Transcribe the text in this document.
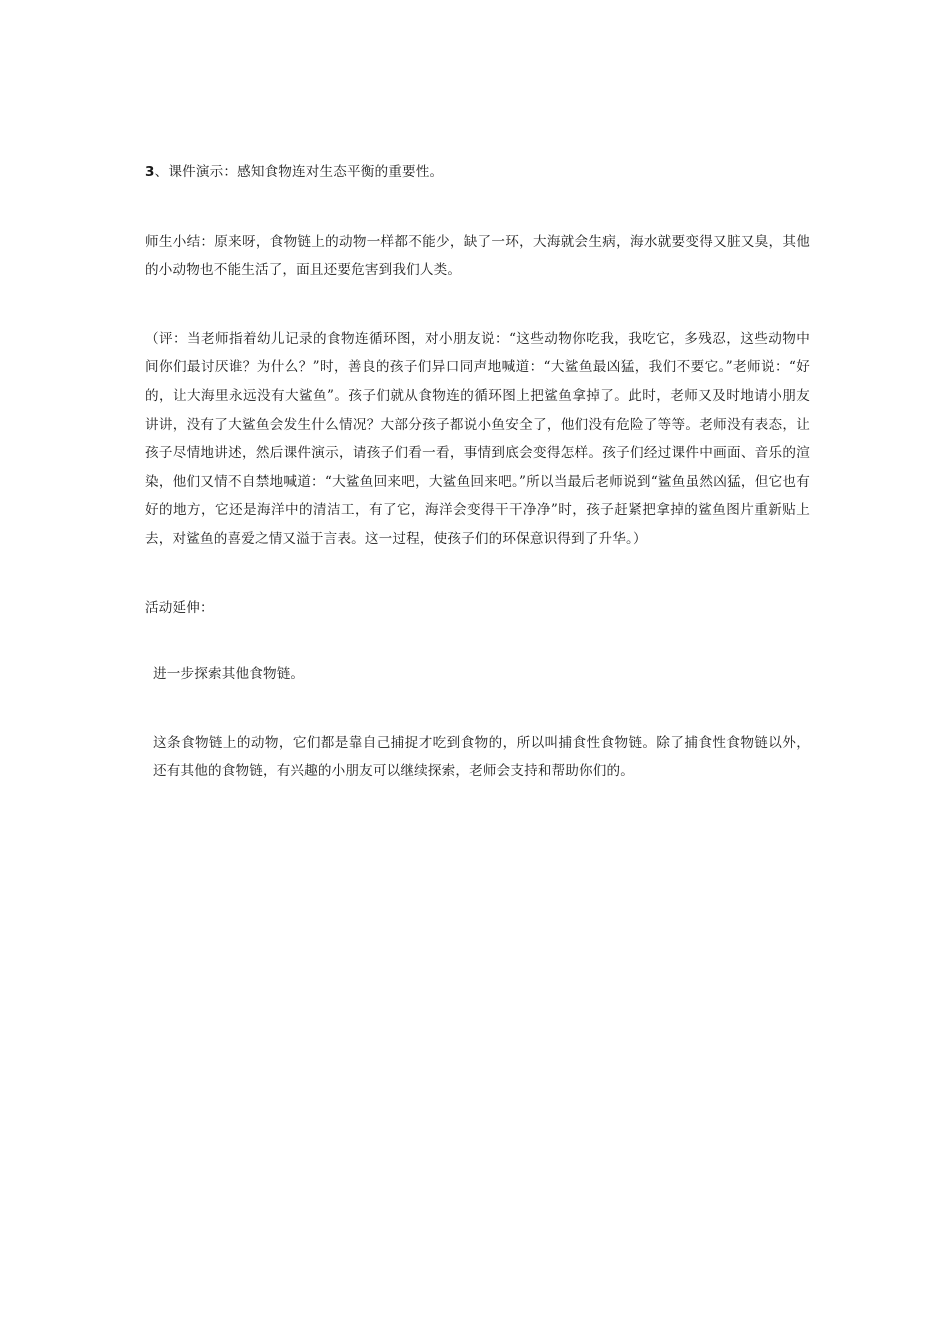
3、课件演示：感知食物连对生态平衡的重要性。

师生小结：原来呀，食物链上的动物一样都不能少，缺了一环，大海就会生病，海水就要变得又脏又臭，其他的小动物也不能生活了，面且还要危害到我们人类。

（评：当老师指着幼儿记录的食物连循环图，对小朋友说：“这些动物你吃我，我吃它，多残忍，这些动物中间你们最讨厌谁？为什么？”时，善良的孩子们异口同声地喊道：“大鲨鱼最凶猛，我们不要它。”老师说：“好的，让大海里永远没有大鲨鱼”。孩子们就从食物连的循环图上把鲨鱼拿掉了。此时，老师又及时地请小朋友讲讲，没有了大鲨鱼会发生什么情况？大部分孩子都说小鱼安全了，他们没有危险了等等。老师没有表态，让孩子尽情地讲述，然后课件演示，请孩子们看一看，事情到底会变得怎样。孩子们经过课件中画面、音乐的渲染，他们又情不自禁地喊道：“大鲨鱼回来吧，大鲨鱼回来吧。”所以当最后老师说到“鲨鱼虽然凶猛，但它也有好的地方，它还是海洋中的清洁工，有了它，海洋会变得干干净净”时，孩子赶紧把拿掉的鲨鱼图片重新贴上去，对鲨鱼的喜爱之情又溢于言表。这一过程，使孩子们的环保意识得到了升华。）

活动延伸：

进一步探索其他食物链。

这条食物链上的动物，它们都是靠自己捕捉才吃到食物的，所以叫捕食性食物链。除了捕食性食物链以外，还有其他的食物链，有兴趣的小朋友可以继续探索，老师会支持和帮助你们的。
